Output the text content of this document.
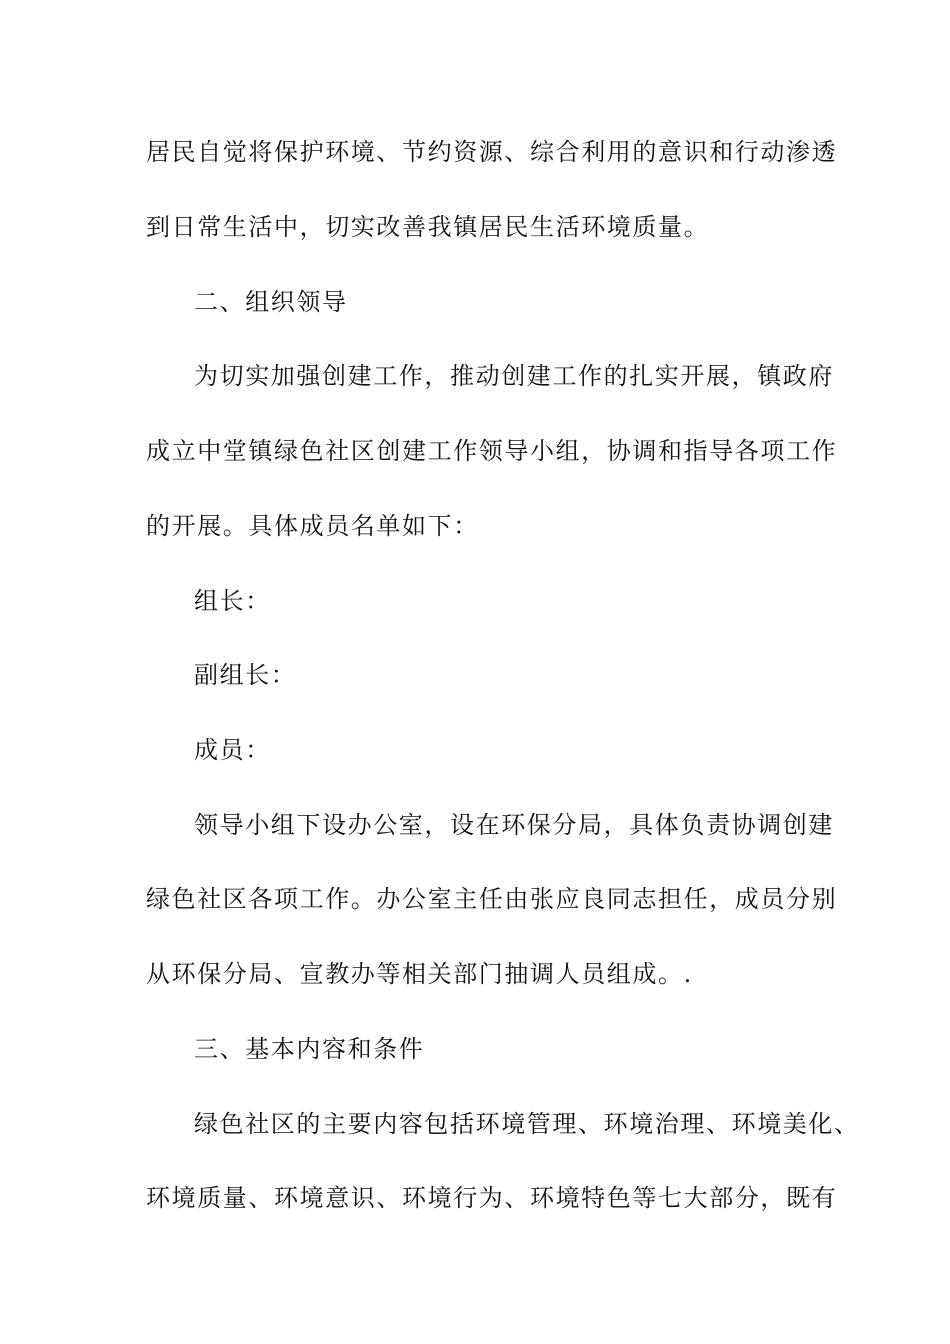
居民自觉将保护环境、节约资源、综合利用的意识和行动渗透
到日常生活中，切实改善我镇居民生活环境质量。
二、组织领导
为切实加强创建工作，推动创建工作的扎实开展，镇政府
成立中堂镇绿色社区创建工作领导小组，协调和指导各项工作
的开展。具体成员名单如下：
组长：
副组长：
成员：
领导小组下设办公室，设在环保分局，具体负责协调创建
绿色社区各项工作。办公室主任由张应良同志担任，成员分别
从环保分局、宣教办等相关部门抽调人员组成。.
三、基本内容和条件
绿色社区的主要内容包括环境管理、环境治理、环境美化、
环境质量、环境意识、环境行为、环境特色等七大部分，既有
